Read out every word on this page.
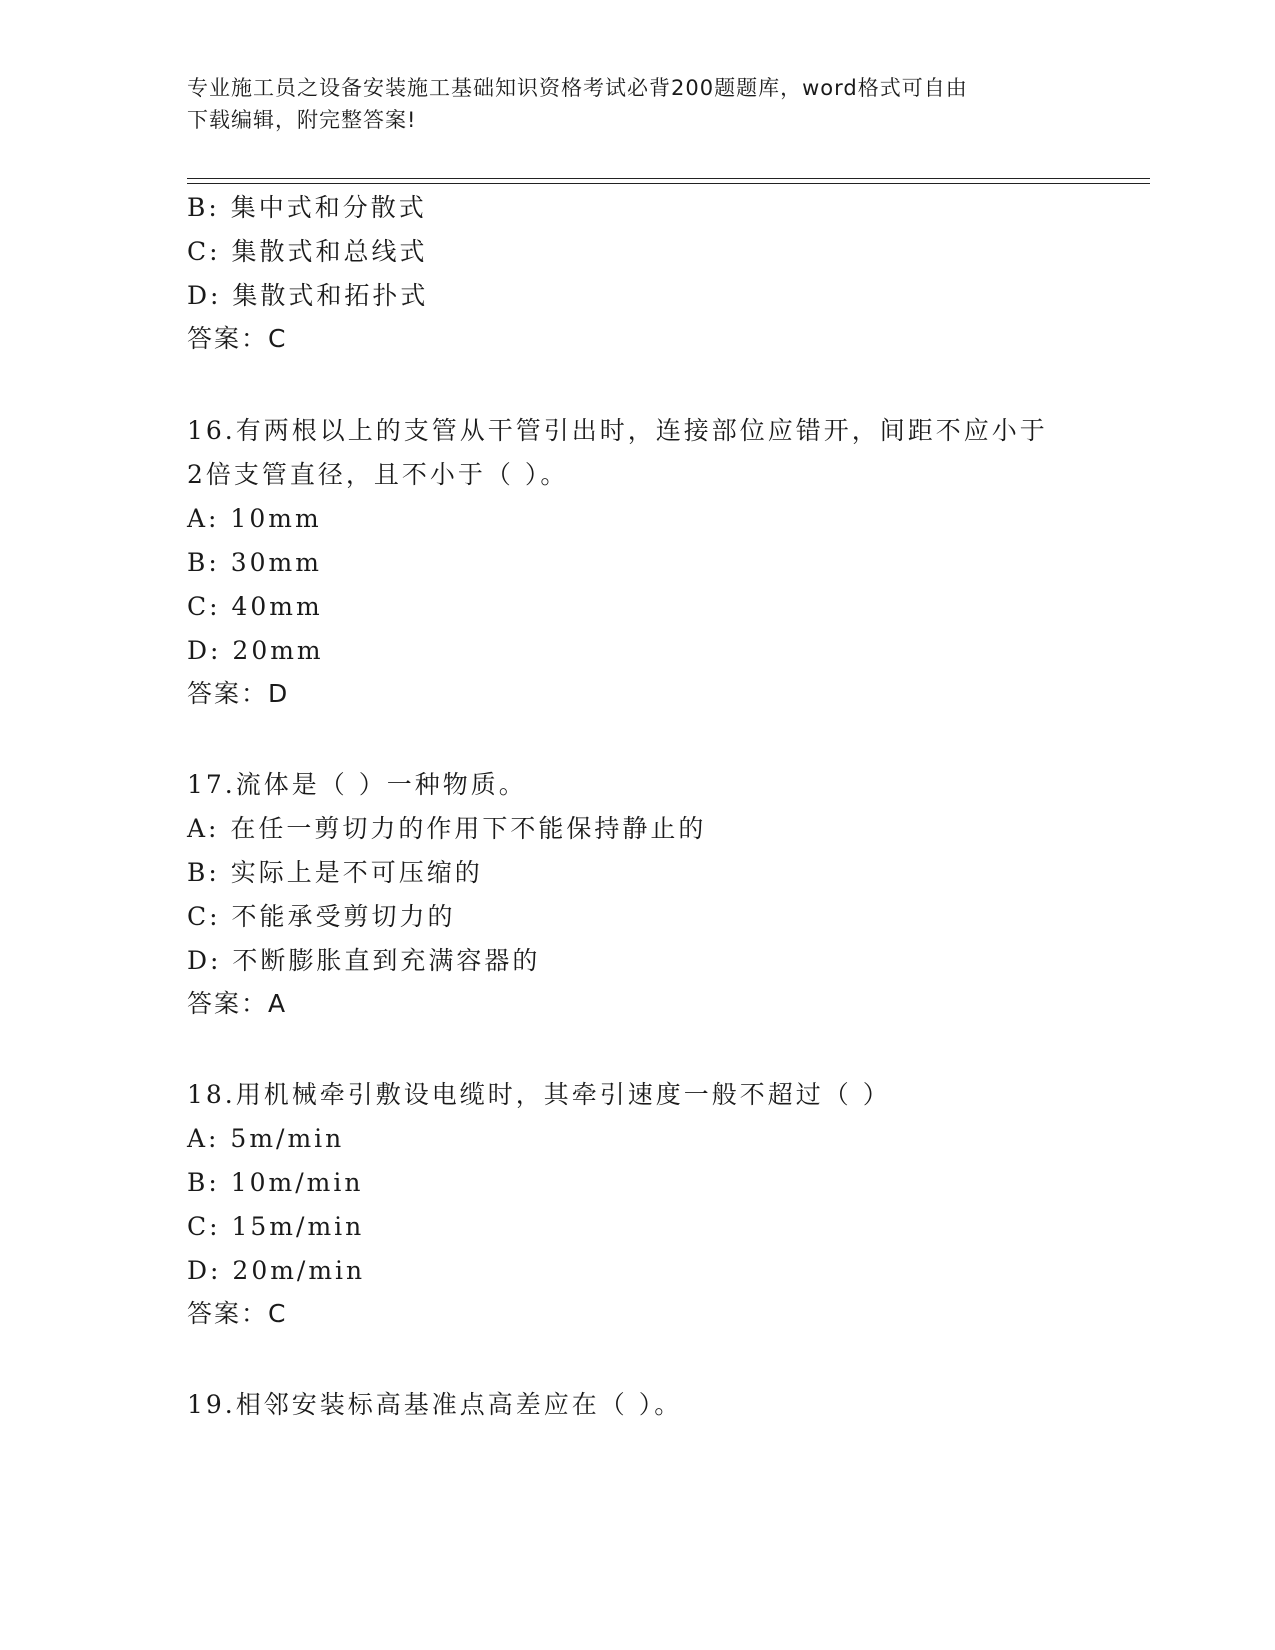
专业施工员之设备安装施工基础知识资格考试必背200题题库，word格式可自由
下载编辑，附完整答案!
B: 集中式和分散式
C: 集散式和总线式
D: 集散式和拓扑式
答案：C
16.有两根以上的支管从干管引出时，连接部位应错开，间距不应小于
2倍支管直径，且不小于（ ）。
A: 10mm
B: 30mm
C: 40mm
D: 20mm
答案：D
17.流体是（ ）一种物质。
A: 在任一剪切力的作用下不能保持静止的
B: 实际上是不可压缩的
C: 不能承受剪切力的
D: 不断膨胀直到充满容器的
答案：A
18.用机械牵引敷设电缆时，其牵引速度一般不超过（ ）
A: 5m/min
B: 10m/min
C: 15m/min
D: 20m/min
答案：C
19.相邻安装标高基准点高差应在（ ）。
